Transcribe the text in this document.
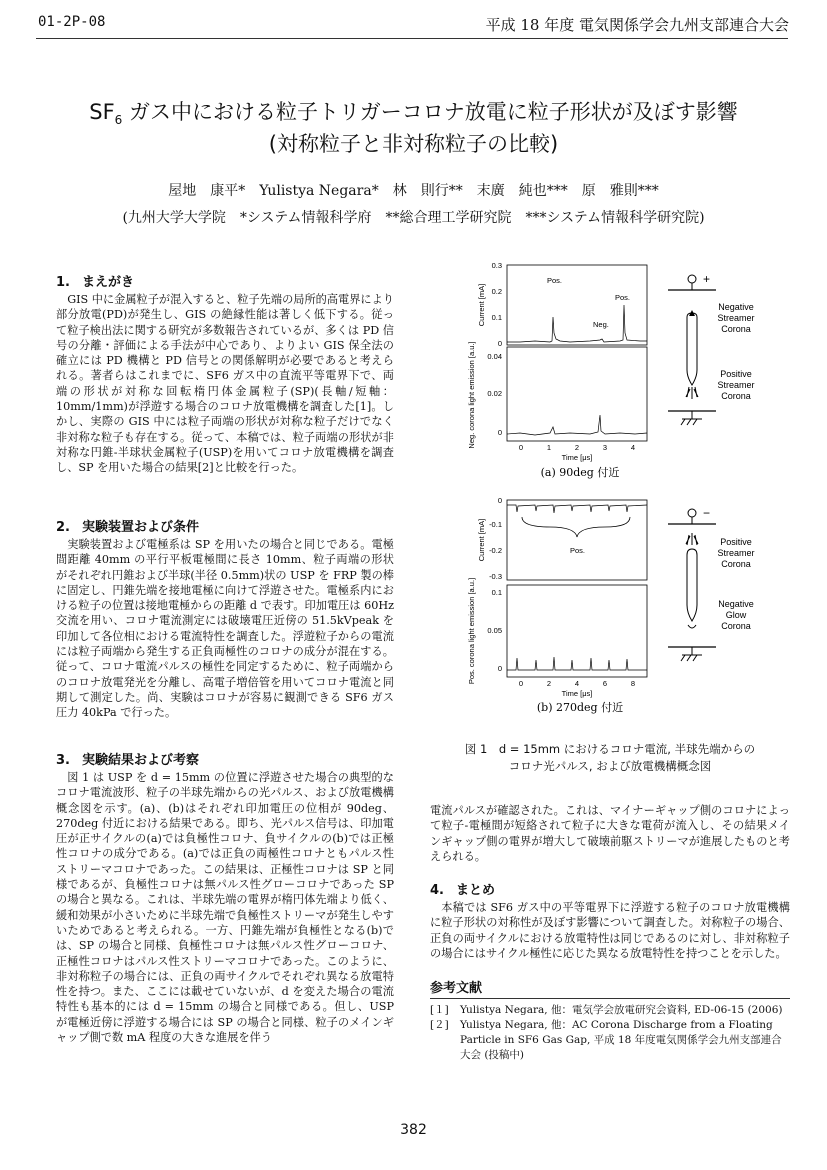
01-2P-08	平成 18 年度 電気関係学会九州支部連合大会
$SF_6$ ガス中における粒子トリガーコロナ放電に粒子形状が及ぼす影響
(対称粒子と非対称粒子の比較)
屋地　康平*　Yulistya Negara*　林　則行**　末廣　純也***　原　雅則***
(九州大学大学院　*システム情報科学府　**総合理工学研究院　***システム情報科学研究院)
1. まえがき

GIS 中に金属粒子が混入すると、粒子先端の局所的高電界により部分放電(PD)が発生し、GIS の絶縁性能は著しく低下する。従って粒子検出法に関する研究が多数報告されているが、多くは PD 信号の分離・評価による手法が中心であり、よりよい GIS 保全法の確立には PD 機構と PD 信号との関係解明が必要であると考えられる。著者らはこれまでに、SF6 ガス中の直流平等電界下で、両端の形状が対称な回転楕円体金属粒子(SP)(長軸/短軸：10mm/1mm)が浮遊する場合のコロナ放電機構を調査した[1]。しかし、実際の GIS 中には粒子両端の形状が対称な粒子だけでなく非対称な粒子も存在する。従って、本稿では、粒子両端の形状が非対称な円錐-半球状金属粒子(USP)を用いてコロナ放電機構を調査し、SP を用いた場合の結果[2]と比較を行った。

2. 実験装置および条件

実験装置および電極系は SP を用いたの場合と同じである。電極間距離 40mm の平行平板電極間に長さ 10mm、粒子両端の形状がそれぞれ円錐および半球(半径 0.5mm)状の USP を FRP 製の棒に固定し、円錐先端を接地電極に向けて浮遊させた。電極系内における粒子の位置は接地電極からの距離 d で表す。印加電圧は 60Hz 交流を用い、コロナ電流測定には破壊電圧近傍の 51.5kVpeak を印加して各位相における電流特性を調査した。浮遊粒子からの電流には粒子両端から発生する正負両極性のコロナの成分が混在する。従って、コロナ電流パルスの極性を同定するために、粒子両端からのコロナ放電発光を分離し、高電子増倍管を用いてコロナ電流と同期して測定した。尚、実験はコロナが容易に観測できる SF6 ガス圧力 40kPa で行った。

3. 実験結果および考察

図 1 は USP を d = 15mm の位置に浮遊させた場合の典型的なコロナ電流波形、粒子の半球先端からの光パルス、および放電機構概念図を示す。(a)、(b)はそれぞれ印加電圧の位相が 90deg、270deg 付近における結果である。即ち、光パルス信号は、印加電圧が正サイクルの(a)では負極性コロナ、負サイクルの(b)では正極性コロナの成分である。(a)では正負の両極性コロナともパルス性ストリーマコロナであった。この結果は、正極性コロナは SP と同様であるが、負極性コロナは無パルス性グローコロナであった SP の場合と異なる。これは、半球先端の電界が楕円体先端より低く、緩和効果が小さいために半球先端で負極性ストリーマが発生しやすいためであると考えられる。一方、円錐先端が負極性となる(b)では、SP の場合と同様、負極性コロナは無パルス性グローコロナ、正極性コロナはパルス性ストリーマコロナであった。このように、非対称粒子の場合には、正負の両サイクルでそれぞれ異なる放電特性を持つ。また、ここには載せていないが、d を変えた場合の電流特性も基本的には d = 15mm の場合と同様である。但し、USP が電極近傍に浮遊する場合には SP の場合と同様、粒子のメインギャップ側で数 mA 程度の大きな進展を伴う

0.3
0.2
0.1
0
0.04
0.02
0
0	1	2	3	4
Time [μs]
Current [mA]
Neg. corona light emission [a.u.]
Pos.
Pos.
Neg.
+
Negative
Streamer
Corona
Positive
Streamer
Corona
(a) 90deg 付近
0
-0.1
-0.2
-0.3
0.1
0.05
0
0	2	4	6	8
Time [μs]
Current [mA]
Pos. corona light emission [a.u.]
Pos.
−
Positive
Streamer
Corona
Negative
Glow
Corona
(b) 270deg 付近
図 1　d = 15mm におけるコロナ電流, 半球先端からの
コロナ光パルス, および放電機構概念図

電流パルスが確認された。これは、マイナーギャップ側のコロナによって粒子-電極間が短絡されて粒子に大きな電荷が流入し、その結果メインギャップ側の電界が増大して破壊前駆ストリーマが進展したものと考えられる。

4. まとめ

本稿では SF6 ガス中の平等電界下に浮遊する粒子のコロナ放電機構に粒子形状の対称性が及ぼす影響について調査した。対称粒子の場合、正負の両サイクルにおける放電特性は同じであるのに対し、非対称粒子の場合にはサイクル極性に応じた異なる放電特性を持つことを示した。

参考文献
[１]	Yulistya Negara, 他：電気学会放電研究会資料, ED-06-15 (2006)
[２]	Yulistya Negara, 他：AC Corona Discharge from a Floating Particle in SF6 Gas Gap, 平成 18 年度電気関係学会九州支部連合大会 (投稿中)
382
